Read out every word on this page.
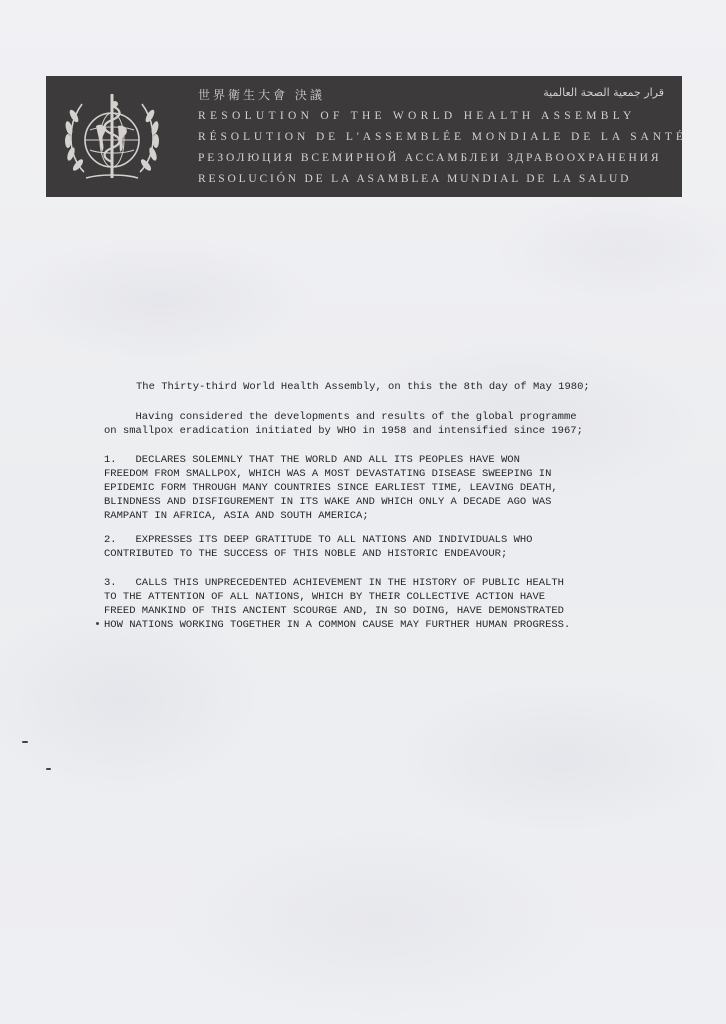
世界衛生大會 決議	قرار جمعية الصحة العالمية
RESOLUTION OF THE WORLD HEALTH ASSEMBLY
RÉSOLUTION DE L'ASSEMBLÉE MONDIALE DE LA SANTÉ
РЕЗОЛЮЦИЯ ВСЕМИРНОЙ АССАМБЛЕИ ЗДРАВООХРАНЕНИЯ
RESOLUCIÓN DE LA ASAMBLEA MUNDIAL DE LA SALUD
The Thirty-third World Health Assembly, on this the 8th day of May 1980;
Having considered the developments and results of the global programme
on smallpox eradication initiated by WHO in 1958 and intensified since 1967;
1.   DECLARES SOLEMNLY THAT THE WORLD AND ALL ITS PEOPLES HAVE WON
FREEDOM FROM SMALLPOX, WHICH WAS A MOST DEVASTATING DISEASE SWEEPING IN
EPIDEMIC FORM THROUGH MANY COUNTRIES SINCE EARLIEST TIME, LEAVING DEATH,
BLINDNESS AND DISFIGUREMENT IN ITS WAKE AND WHICH ONLY A DECADE AGO WAS
RAMPANT IN AFRICA, ASIA AND SOUTH AMERICA;
2.   EXPRESSES ITS DEEP GRATITUDE TO ALL NATIONS AND INDIVIDUALS WHO
CONTRIBUTED TO THE SUCCESS OF THIS NOBLE AND HISTORIC ENDEAVOUR;
3.   CALLS THIS UNPRECEDENTED ACHIEVEMENT IN THE HISTORY OF PUBLIC HEALTH
TO THE ATTENTION OF ALL NATIONS, WHICH BY THEIR COLLECTIVE ACTION HAVE
FREED MANKIND OF THIS ANCIENT SCOURGE AND, IN SO DOING, HAVE DEMONSTRATED
HOW NATIONS WORKING TOGETHER IN A COMMON CAUSE MAY FURTHER HUMAN PROGRESS.
